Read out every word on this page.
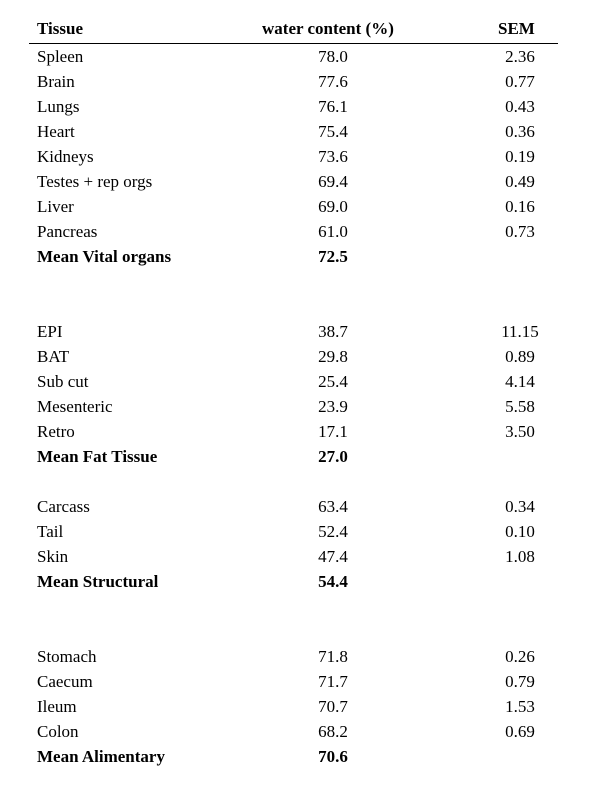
Tissue	water content (%)	SEM
Spleen	78.0	2.36
Brain	77.6	0.77
Lungs	76.1	0.43
Heart	75.4	0.36
Kidneys	73.6	0.19
Testes + rep orgs	69.4	0.49
Liver	69.0	0.16
Pancreas	61.0	0.73
Mean Vital organs	72.5
EPI	38.7	11.15
BAT	29.8	0.89
Sub cut	25.4	4.14
Mesenteric	23.9	5.58
Retro	17.1	3.50
Mean Fat Tissue	27.0
Carcass	63.4	0.34
Tail	52.4	0.10
Skin	47.4	1.08
Mean Structural	54.4
Stomach	71.8	0.26
Caecum	71.7	0.79
Ileum	70.7	1.53
Colon	68.2	0.69
Mean Alimentary	70.6
